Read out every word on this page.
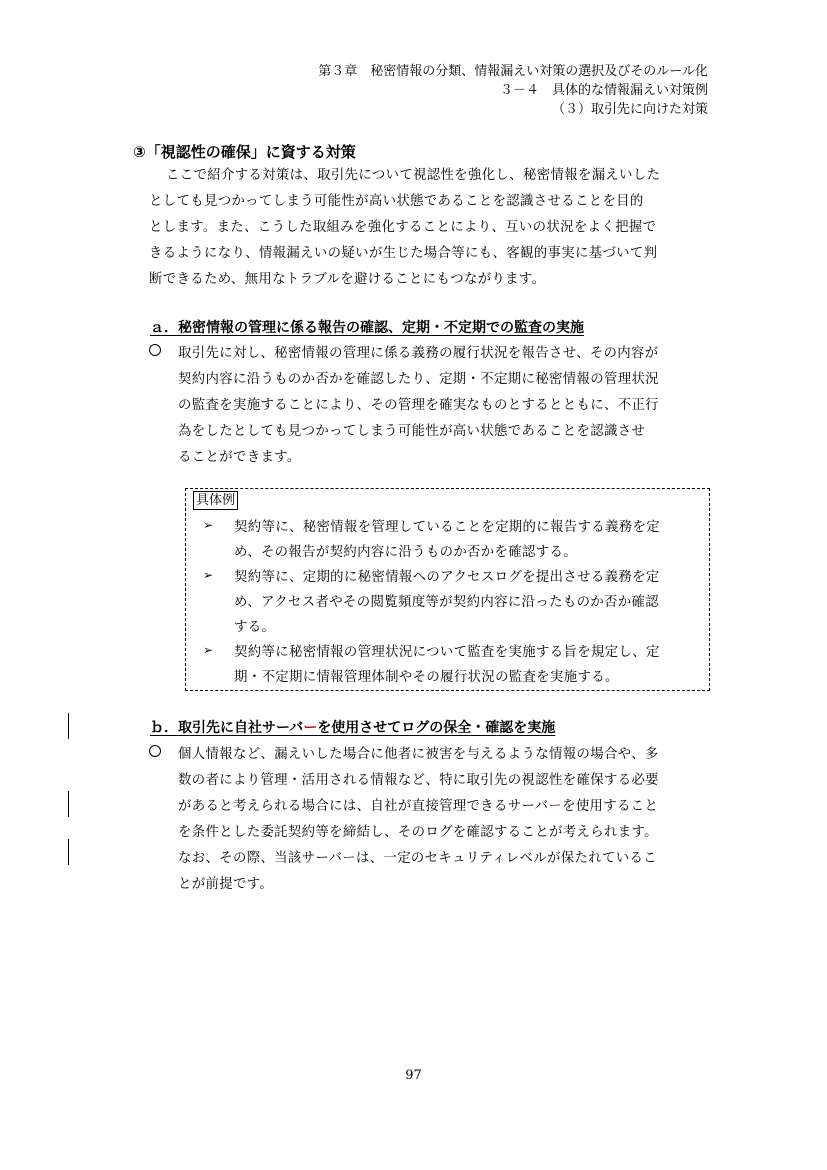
第３章　秘密情報の分類、情報漏えい対策の選択及びそのルール化
３－４　具体的な情報漏えい対策例
（３）取引先に向けた対策
③「視認性の確保」に資する対策
ここで紹介する対策は、取引先について視認性を強化し、秘密情報を漏えいした
としても見つかってしまう可能性が高い状態であることを認識させることを目的
とします。また、こうした取組みを強化することにより、互いの状況をよく把握で
きるようになり、情報漏えいの疑いが生じた場合等にも、客観的事実に基づいて判
断できるため、無用なトラブルを避けることにもつながります。
ａ．秘密情報の管理に係る報告の確認、定期・不定期での監査の実施
取引先に対し、秘密情報の管理に係る義務の履行状況を報告させ、その内容が
契約内容に沿うものか否かを確認したり、定期・不定期に秘密情報の管理状況
の監査を実施することにより、その管理を確実なものとするとともに、不正行
為をしたとしても見つかってしまう可能性が高い状態であることを認識させ
ることができます。
具体例
➢ 契約等に、秘密情報を管理していることを定期的に報告する義務を定
め、その報告が契約内容に沿うものか否かを確認する。
➢ 契約等に、定期的に秘密情報へのアクセスログを提出させる義務を定
め、アクセス者やその閲覧頻度等が契約内容に沿ったものか否か確認
する。
➢ 契約等に秘密情報の管理状況について監査を実施する旨を規定し、定
期・不定期に情報管理体制やその履行状況の監査を実施する。
ｂ．取引先に自社サーバーを使用させてログの保全・確認を実施
個人情報など、漏えいした場合に他者に被害を与えるような情報の場合や、多
数の者により管理・活用される情報など、特に取引先の視認性を確保する必要
があると考えられる場合には、自社が直接管理できるサーバーを使用すること
を条件とした委託契約等を締結し、そのログを確認することが考えられます。
なお、その際、当該サーバーは、一定のセキュリティレベルが保たれているこ
とが前提です。
97
